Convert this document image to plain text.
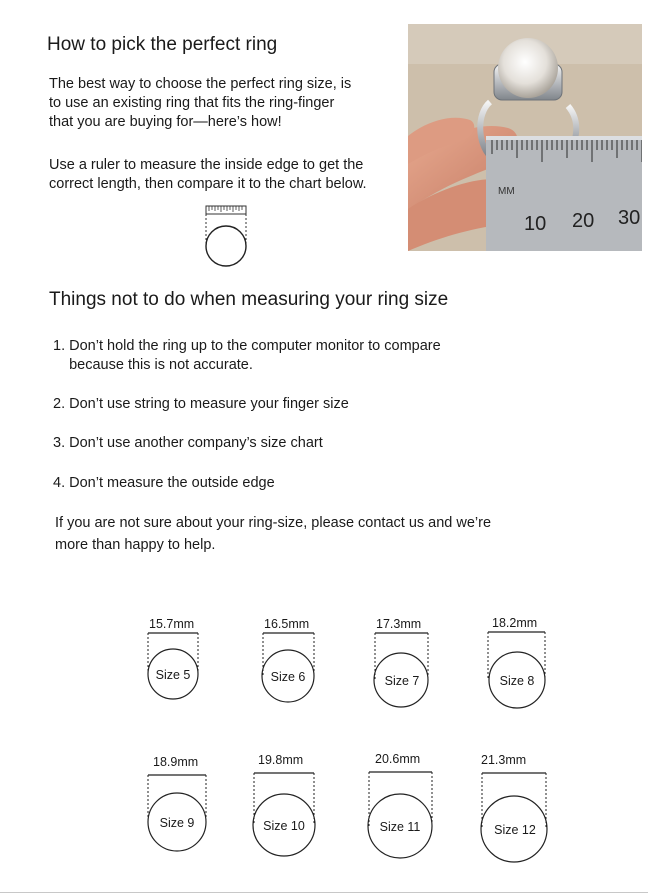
How to pick the perfect ring

The best way to choose the perfect ring size, is
to use an existing ring that fits the ring-finger
that you are buying for—here’s how!

Use a ruler to measure the inside edge to get the
correct length, then compare it to the chart below.	MM
10 20 30
Things not to do when measuring your ring size
1. Don’t hold the ring up to the computer monitor to compare
because this is not accurate.
2. Don’t use string to measure your finger size
3. Don’t use another company’s size chart
4. Don’t measure the outside edge

If you are not sure about your ring-size, please contact us and we’re
more than happy to help.

15.7mm	16.5mm	17.3mm	18.2mm
18.9mm	19.8mm	20.6mm	21.3mm
Size 5	Size 6	Size 7	Size 8
Size 9	Size 10	Size 11	Size 12
